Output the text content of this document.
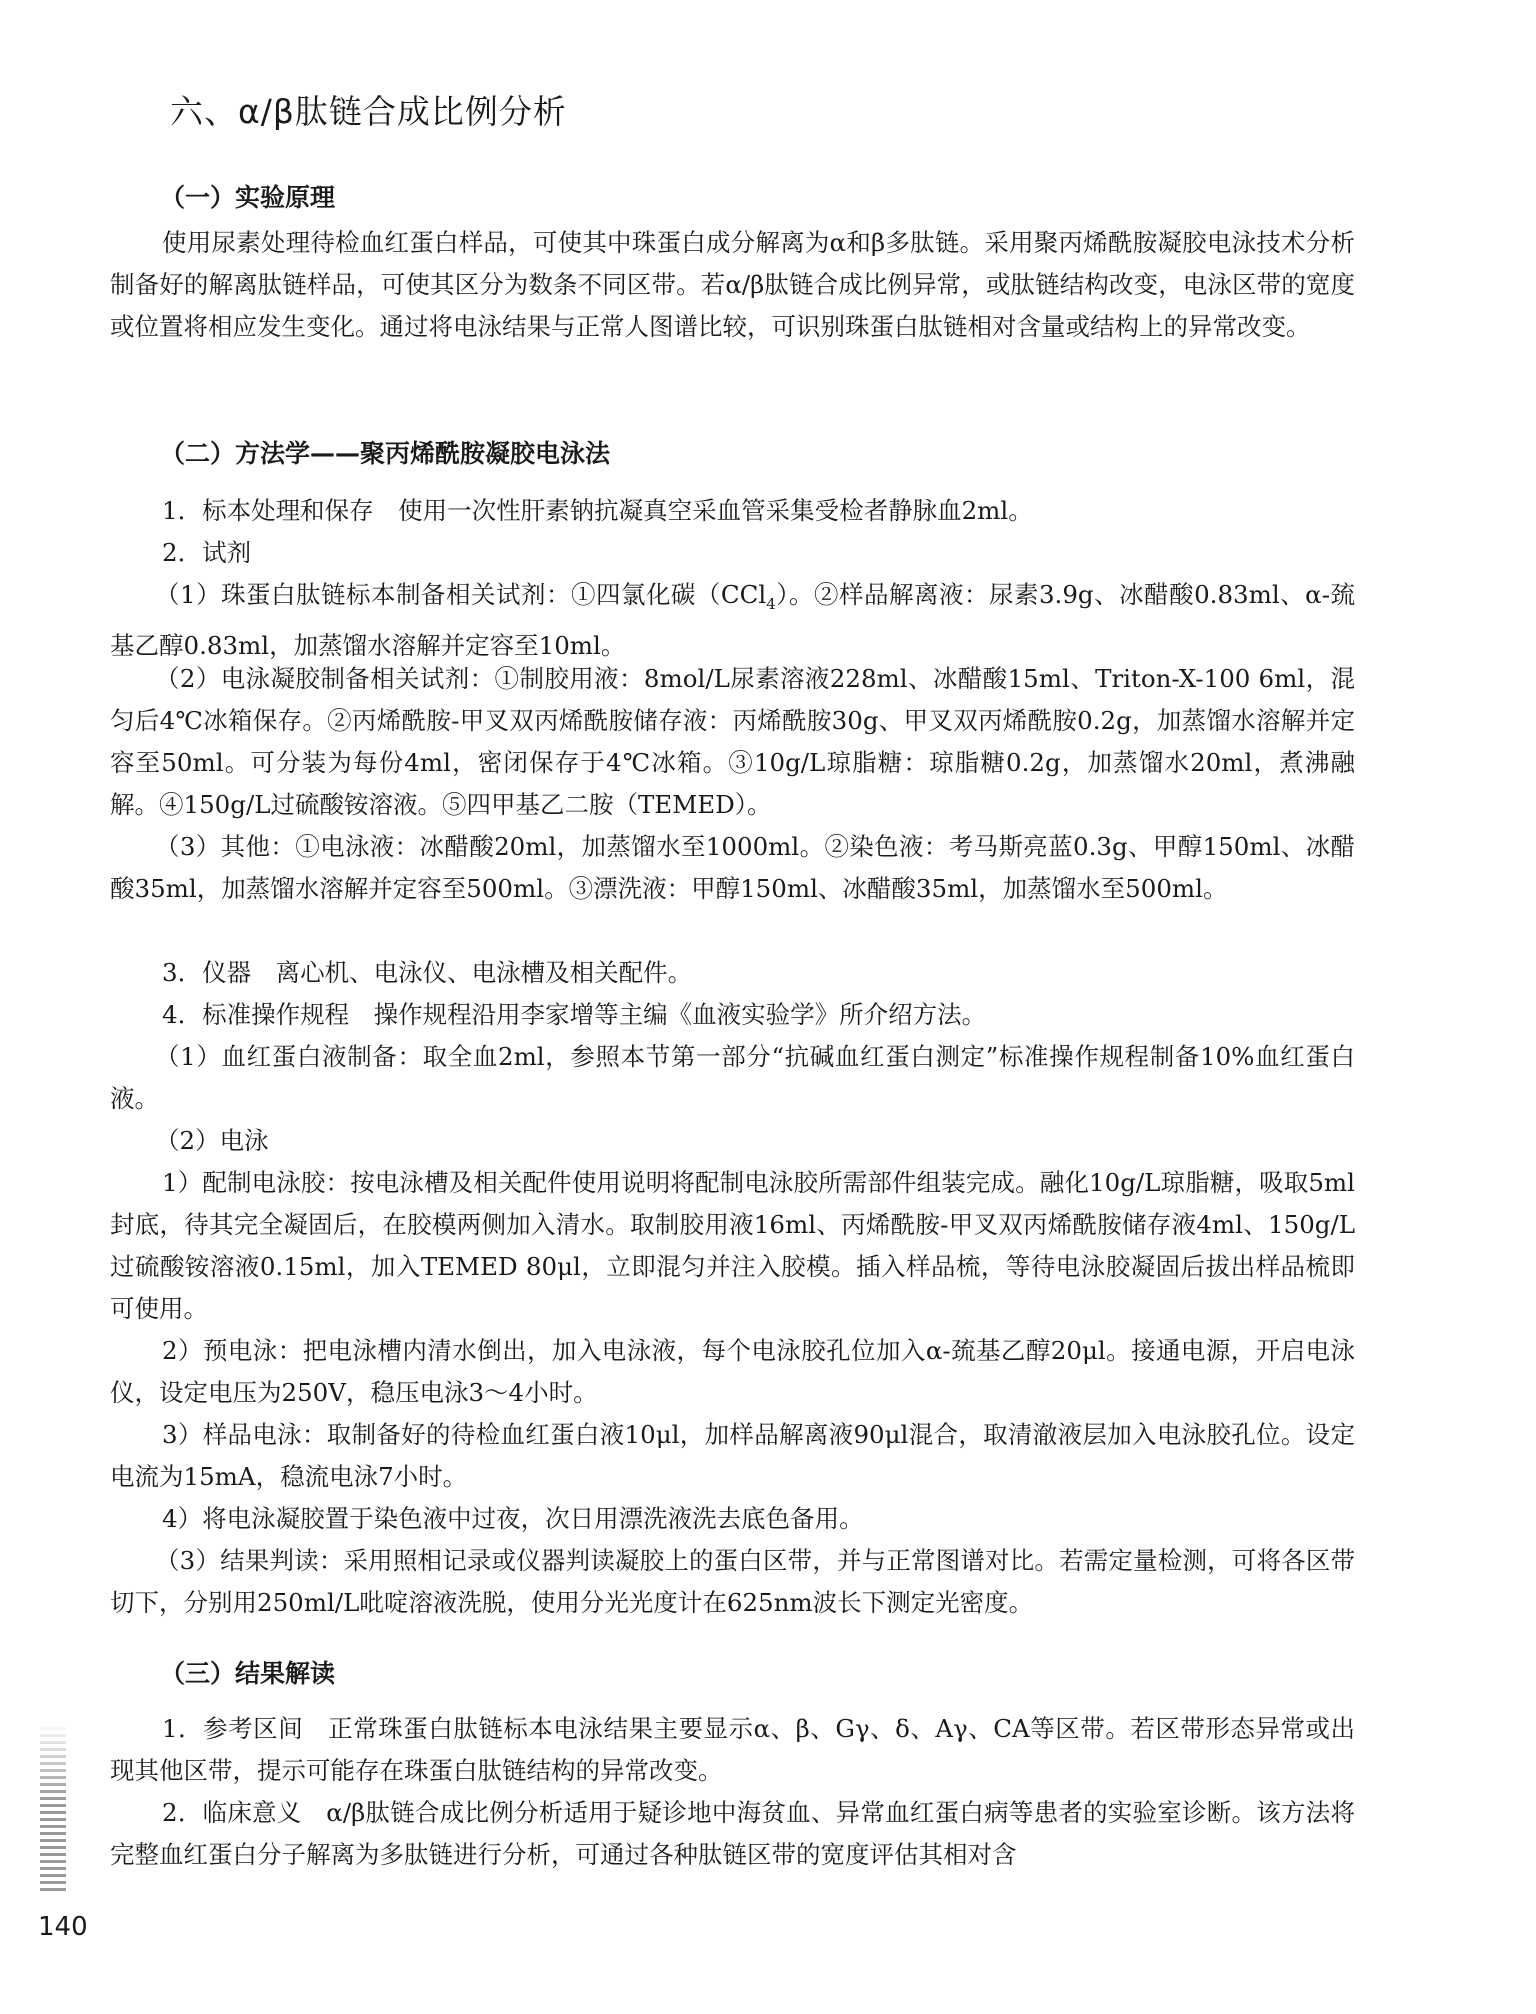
六、α/β肽链合成比例分析
（一）实验原理

使用尿素处理待检血红蛋白样品，可使其中珠蛋白成分解离为α和β多肽链。采用聚丙烯酰胺凝胶电泳技术分析制备好的解离肽链样品，可使其区分为数条不同区带。若α/β肽链合成比例异常，或肽链结构改变，电泳区带的宽度或位置将相应发生变化。通过将电泳结果与正常人图谱比较，可识别珠蛋白肽链相对含量或结构上的异常改变。

（二）方法学——聚丙烯酰胺凝胶电泳法

1．标本处理和保存　使用一次性肝素钠抗凝真空采血管采集受检者静脉血2ml。

2．试剂

（1）珠蛋白肽链标本制备相关试剂：①四氯化碳（CCl$_4$）。②样品解离液：尿素3.9g、冰醋酸0.83ml、α-巯基乙醇0.83ml，加蒸馏水溶解并定容至10ml。

（2）电泳凝胶制备相关试剂：①制胶用液：8mol/L尿素溶液228ml、冰醋酸15ml、Triton-X-100 6ml，混匀后4℃冰箱保存。②丙烯酰胺-甲叉双丙烯酰胺储存液：丙烯酰胺30g、甲叉双丙烯酰胺0.2g，加蒸馏水溶解并定容至50ml。可分装为每份4ml，密闭保存于4℃冰箱。③10g/L琼脂糖：琼脂糖0.2g，加蒸馏水20ml，煮沸融解。④150g/L过硫酸铵溶液。⑤四甲基乙二胺（TEMED）。

（3）其他：①电泳液：冰醋酸20ml，加蒸馏水至1000ml。②染色液：考马斯亮蓝0.3g、甲醇150ml、冰醋酸35ml，加蒸馏水溶解并定容至500ml。③漂洗液：甲醇150ml、冰醋酸35ml，加蒸馏水至500ml。

3．仪器　离心机、电泳仪、电泳槽及相关配件。

4．标准操作规程　操作规程沿用李家增等主编《血液实验学》所介绍方法。

（1）血红蛋白液制备：取全血2ml，参照本节第一部分“抗碱血红蛋白测定”标准操作规程制备10%血红蛋白液。

（2）电泳

1）配制电泳胶：按电泳槽及相关配件使用说明将配制电泳胶所需部件组装完成。融化10g/L琼脂糖，吸取5ml封底，待其完全凝固后，在胶模两侧加入清水。取制胶用液16ml、丙烯酰胺-甲叉双丙烯酰胺储存液4ml、150g/L过硫酸铵溶液0.15ml，加入TEMED 80μl，立即混匀并注入胶模。插入样品梳，等待电泳胶凝固后拔出样品梳即可使用。

2）预电泳：把电泳槽内清水倒出，加入电泳液，每个电泳胶孔位加入α-巯基乙醇20μl。接通电源，开启电泳仪，设定电压为250V，稳压电泳3～4小时。

3）样品电泳：取制备好的待检血红蛋白液10μl，加样品解离液90μl混合，取清澈液层加入电泳胶孔位。设定电流为15mA，稳流电泳7小时。

4）将电泳凝胶置于染色液中过夜，次日用漂洗液洗去底色备用。

（3）结果判读：采用照相记录或仪器判读凝胶上的蛋白区带，并与正常图谱对比。若需定量检测，可将各区带切下，分别用250ml/L吡啶溶液洗脱，使用分光光度计在625nm波长下测定光密度。

（三）结果解读

1．参考区间　正常珠蛋白肽链标本电泳结果主要显示α、β、Gγ、δ、Aγ、CA等区带。若区带形态异常或出现其他区带，提示可能存在珠蛋白肽链结构的异常改变。

2．临床意义　α/β肽链合成比例分析适用于疑诊地中海贫血、异常血红蛋白病等患者的实验室诊断。该方法将完整血红蛋白分子解离为多肽链进行分析，可通过各种肽链区带的宽度评估其相对含

140
